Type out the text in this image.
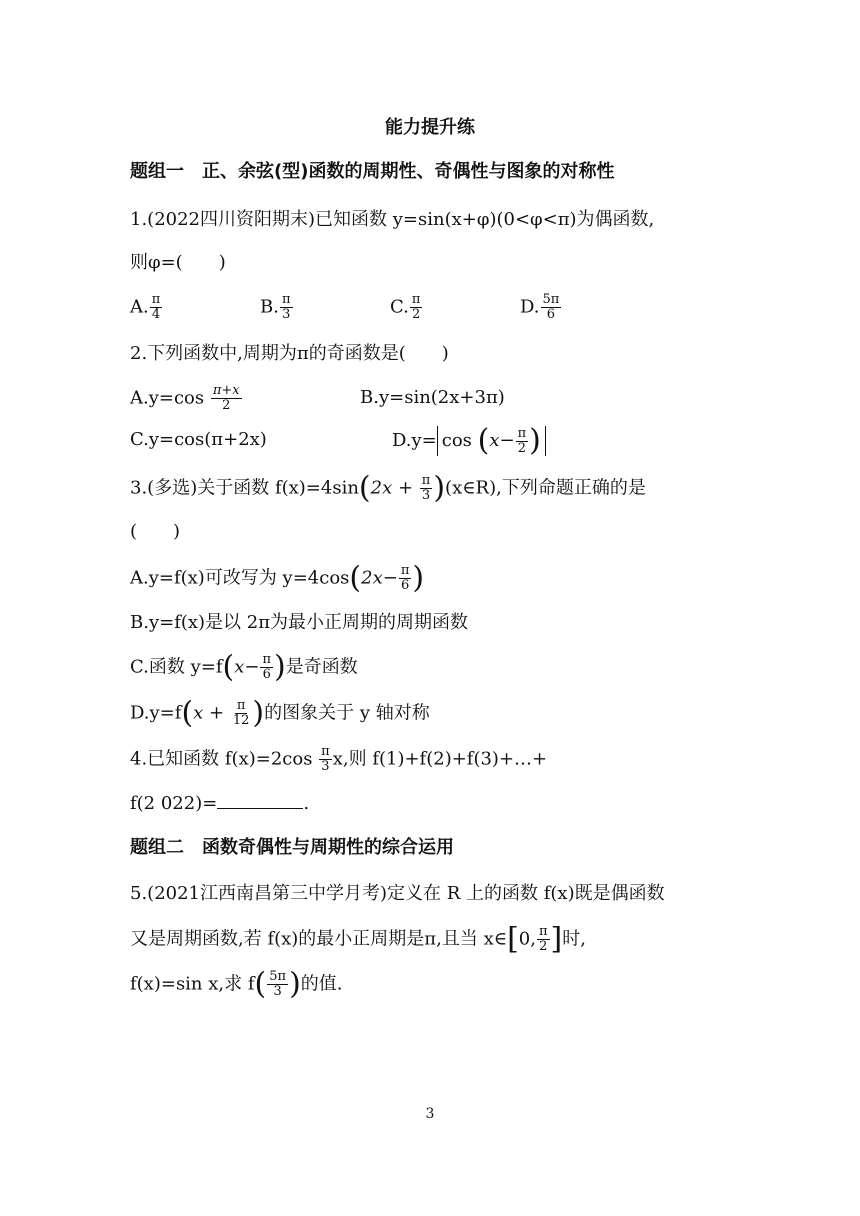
能力提升练
题组一　正、余弦(型)函数的周期性、奇偶性与图象的对称性
1.(2022四川资阳期末)已知函数 y=sin(x+φ)(0<φ<π)为偶函数,
则φ=(　　)
A. $\frac{\pi}{4}$	B. $\frac{\pi}{3}$	C. $\frac{\pi}{2}$	D. $\frac{5\pi}{6}$
2.下列函数中,周期为π的奇函数是(　　)
$A.y=\cos \frac{\pi+x}{2}$	B.y=sin(2x+3π)
C.y=cos(π+2x)	$D.y= \cos (x- \frac{\pi}{2}$ )
3.(多选)关于函数 $f(x)=4\sin(2x + \frac{\pi}{3}$ )(x∈R),下列命题正确的是
(　　)
A.y=f(x)可改写为 $y=4\cos(2x- \frac{\pi}{6}$ )
B.y=f(x)是以 2π为最小正周期的周期函数
C.函数 $y=f(x- \frac{\pi}{6}$ )是奇函数
$D.y=f(x + \frac{\pi}{12}$ )的图象关于 y 轴对称
4.已知函数 $f(x)=2\cos \frac{\pi}{3} x$,则 f(1)+f(2)+f(3)+…+
f(2 022)=	.
题组二　函数奇偶性与周期性的综合运用
5.(2021江西南昌第三中学月考)定义在 R 上的函数 f(x)既是偶函数
又是周期函数,若 f(x)的最小正周期是π,且当 x∈[0, $\frac{\pi}{2}$ ]时,
f(x)=sin x,求 $f( \frac{5\pi}{3}$ )的值.
3
